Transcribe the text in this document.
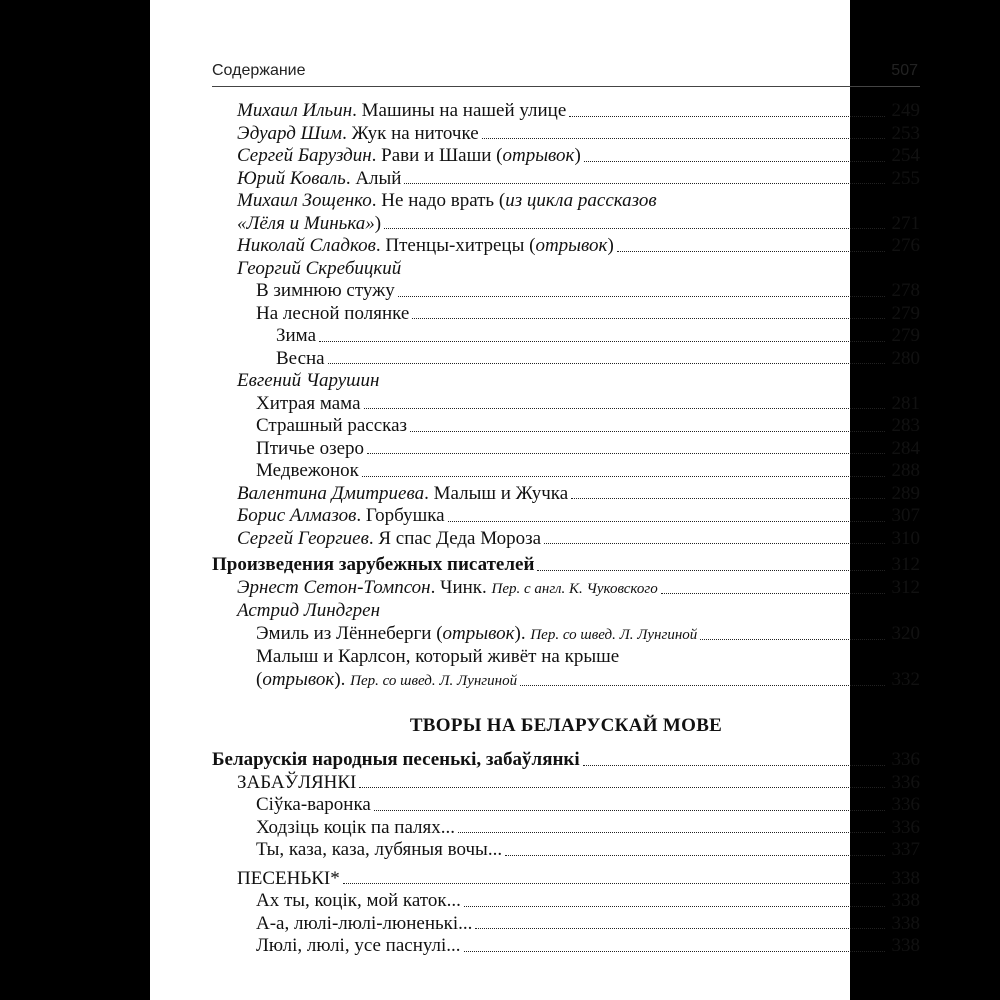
Содержание	507
Михаил Ильин. Машины на нашей улице	249
Эдуард Шим. Жук на ниточке	253
Сергей Баруздин. Рави и Шаши (отрывок)	254
Юрий Коваль. Алый	255
Михаил Зощенко. Не надо врать (из цикла рассказов
«Лёля и Минька»)	271
Николай Сладков. Птенцы-хитрецы (отрывок)	276
Георгий Скребицкий
В зимнюю стужу	278
На лесной полянке	279
Зима	279
Весна	280
Евгений Чарушин
Хитрая мама	281
Страшный рассказ	283
Птичье озеро	284
Медвежонок	288
Валентина Дмитриева. Малыш и Жучка	289
Борис Алмазов. Горбушка	307
Сергей Георгиев. Я спас Деда Мороза	310
Произведения зарубежных писателей	312
Эрнест Сетон-Томпсон. Чинк. Пер. с англ. К. Чуковского	312
Астрид Линдгрен
Эмиль из Лённеберги (отрывок). Пер. со швед. Л. Лунгиной	320
Малыш и Карлсон, который живёт на крыше
(отрывок). Пер. со швед. Л. Лунгиной	332
ТВОРЫ НА БЕЛАРУСКАЙ МОВЕ
Беларускія народныя песенькі, забаўлянкі	336
ЗАБАЎЛЯНКІ	336
Сіўка-варонка	336
Ходзіць коцік па палях...	336
Ты, каза, каза, лубяныя вочы...	337
ПЕСЕНЬКІ*	338
Ах ты, коцік, мой каток...	338
А-а, люлі-люлі-люненькі...	338
Люлі, люлі, усе паснулі...	338
